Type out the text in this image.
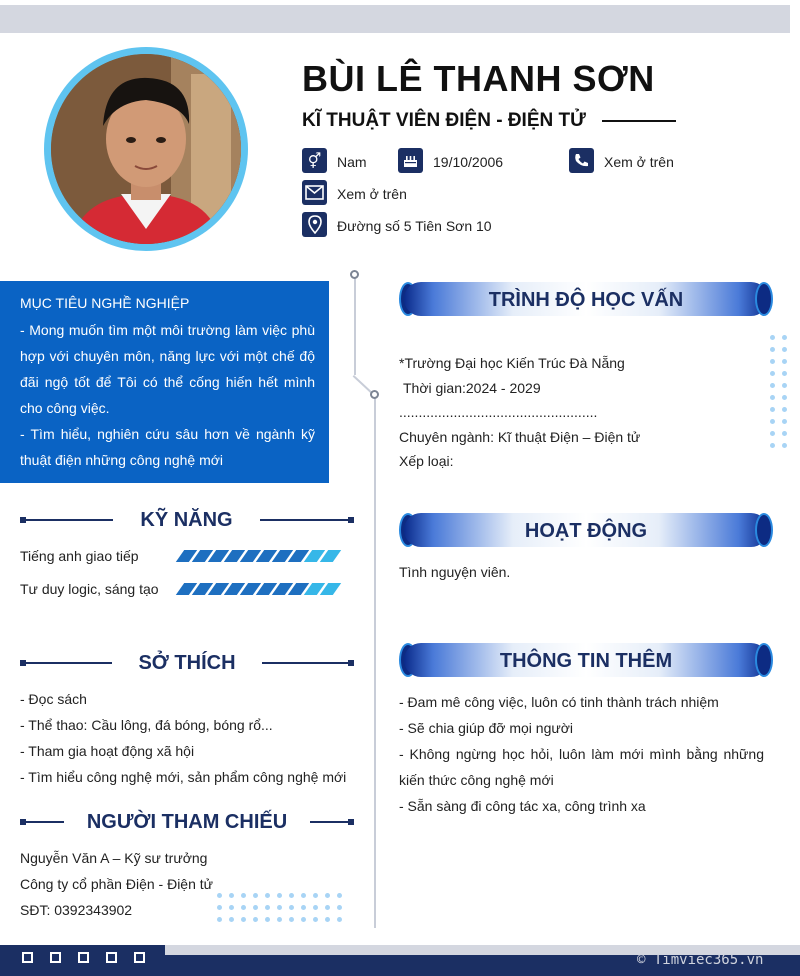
BÙI LÊ THANH SƠN
KĨ THUẬT VIÊN ĐIỆN - ĐIỆN TỬ
⚥	Nam	19/10/2006	Xem ở trên
Xem ở trên
Đường số 5 Tiên Sơn 10
MỤC TIÊU NGHỀ NGHIỆP
- Mong muốn tìm một môi trường làm việc phù hợp với chuyên môn, năng lực với một chế độ đãi ngộ tốt để Tôi có thể cống hiến hết mình cho công việc.
- Tìm hiểu, nghiên cứu sâu hơn về ngành kỹ thuật điện những công nghệ mới
KỸ NĂNG
Tiếng anh giao tiếp
Tư duy logic, sáng tạo
SỞ THÍCH
- Đọc sách
- Thể thao: Cầu lông, đá bóng, bóng rổ...
- Tham gia hoạt động xã hội
- Tìm hiểu công nghệ mới, sản phẩm công nghệ mới
NGƯỜI THAM CHIẾU
Nguyễn Văn A – Kỹ sư trưởng
Công ty cổ phần Điện - Điện tử
SĐT: 0392343902
TRÌNH ĐỘ HỌC VẤN
*Trường Đại học Kiến Trúc Đà Nẵng
Thời gian:2024 - 2029
...................................................
Chuyên ngành: Kĩ thuật Điện – Điện tử
Xếp loại:
HOẠT ĐỘNG
Tình nguyện viên.
THÔNG TIN THÊM
- Đam mê công việc, luôn có tinh thành trách nhiệm
- Sẽ chia giúp đỡ mọi người
- Không ngừng học hỏi, luôn làm mới mình bằng những kiến thức công nghệ mới
- Sẵn sàng đi công tác xa, công trình xa
© Timviec365.vn
